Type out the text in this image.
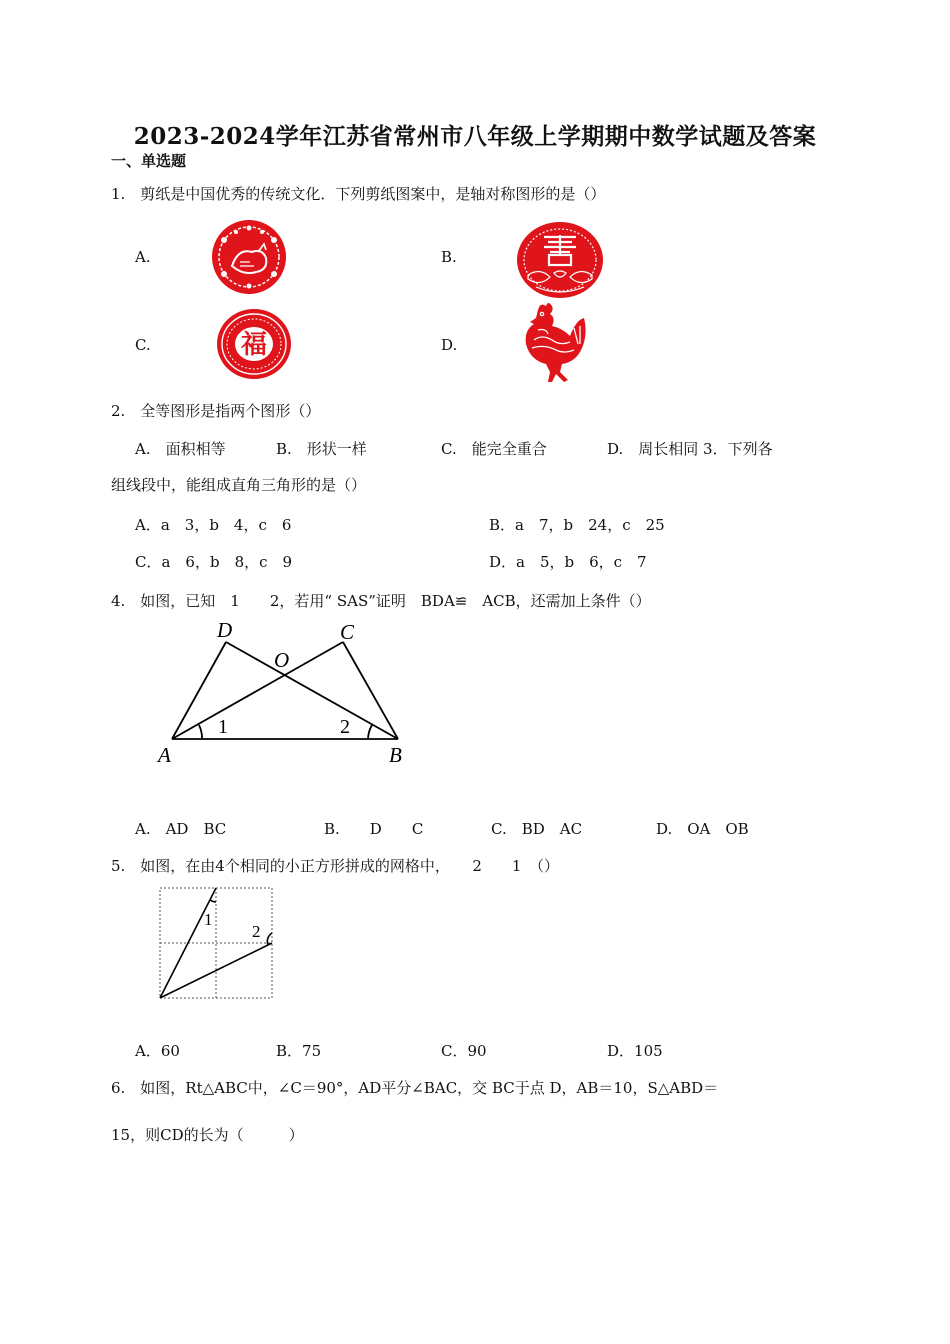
2023-2024学年江苏省常州市八年级上学期期中数学试题及答案
一、单选题
1.　剪纸是中国优秀的传统文化．下列剪纸图案中，是轴对称图形的是（）
A.	B.
C.	福	D.
2.　全等图形是指两个图形（）
A.　面积相等	B.　形状一样	C.　能完全重合	D.　周长相同 3．下列各
组线段中，能组成直角三角形的是（）
A．a　3，b　4，c　6	B．a　7，b　24，c　25
C．a　6，b　8，c　9	D．a　5，b　6，c　7
4.　如图，已知　1　　2，若用“ SAS”证明　BDA≌　ACB，还需加上条件（）
D	C
O
A	B
1	2
A.　AD　BC	B.　　D　　C	C.　BD　AC	D.　OA　OB
5.　如图，在由4个相同的小正方形拼成的网格中，　　2　　1　（）
1
2
A．60	B．75	C．90	D．105
6.　如图，Rt△ABC中，∠C＝90°，AD平分∠BAC，交 BC于点 D，AB＝10，S△ABD＝
15，则CD的长为（　　　）
